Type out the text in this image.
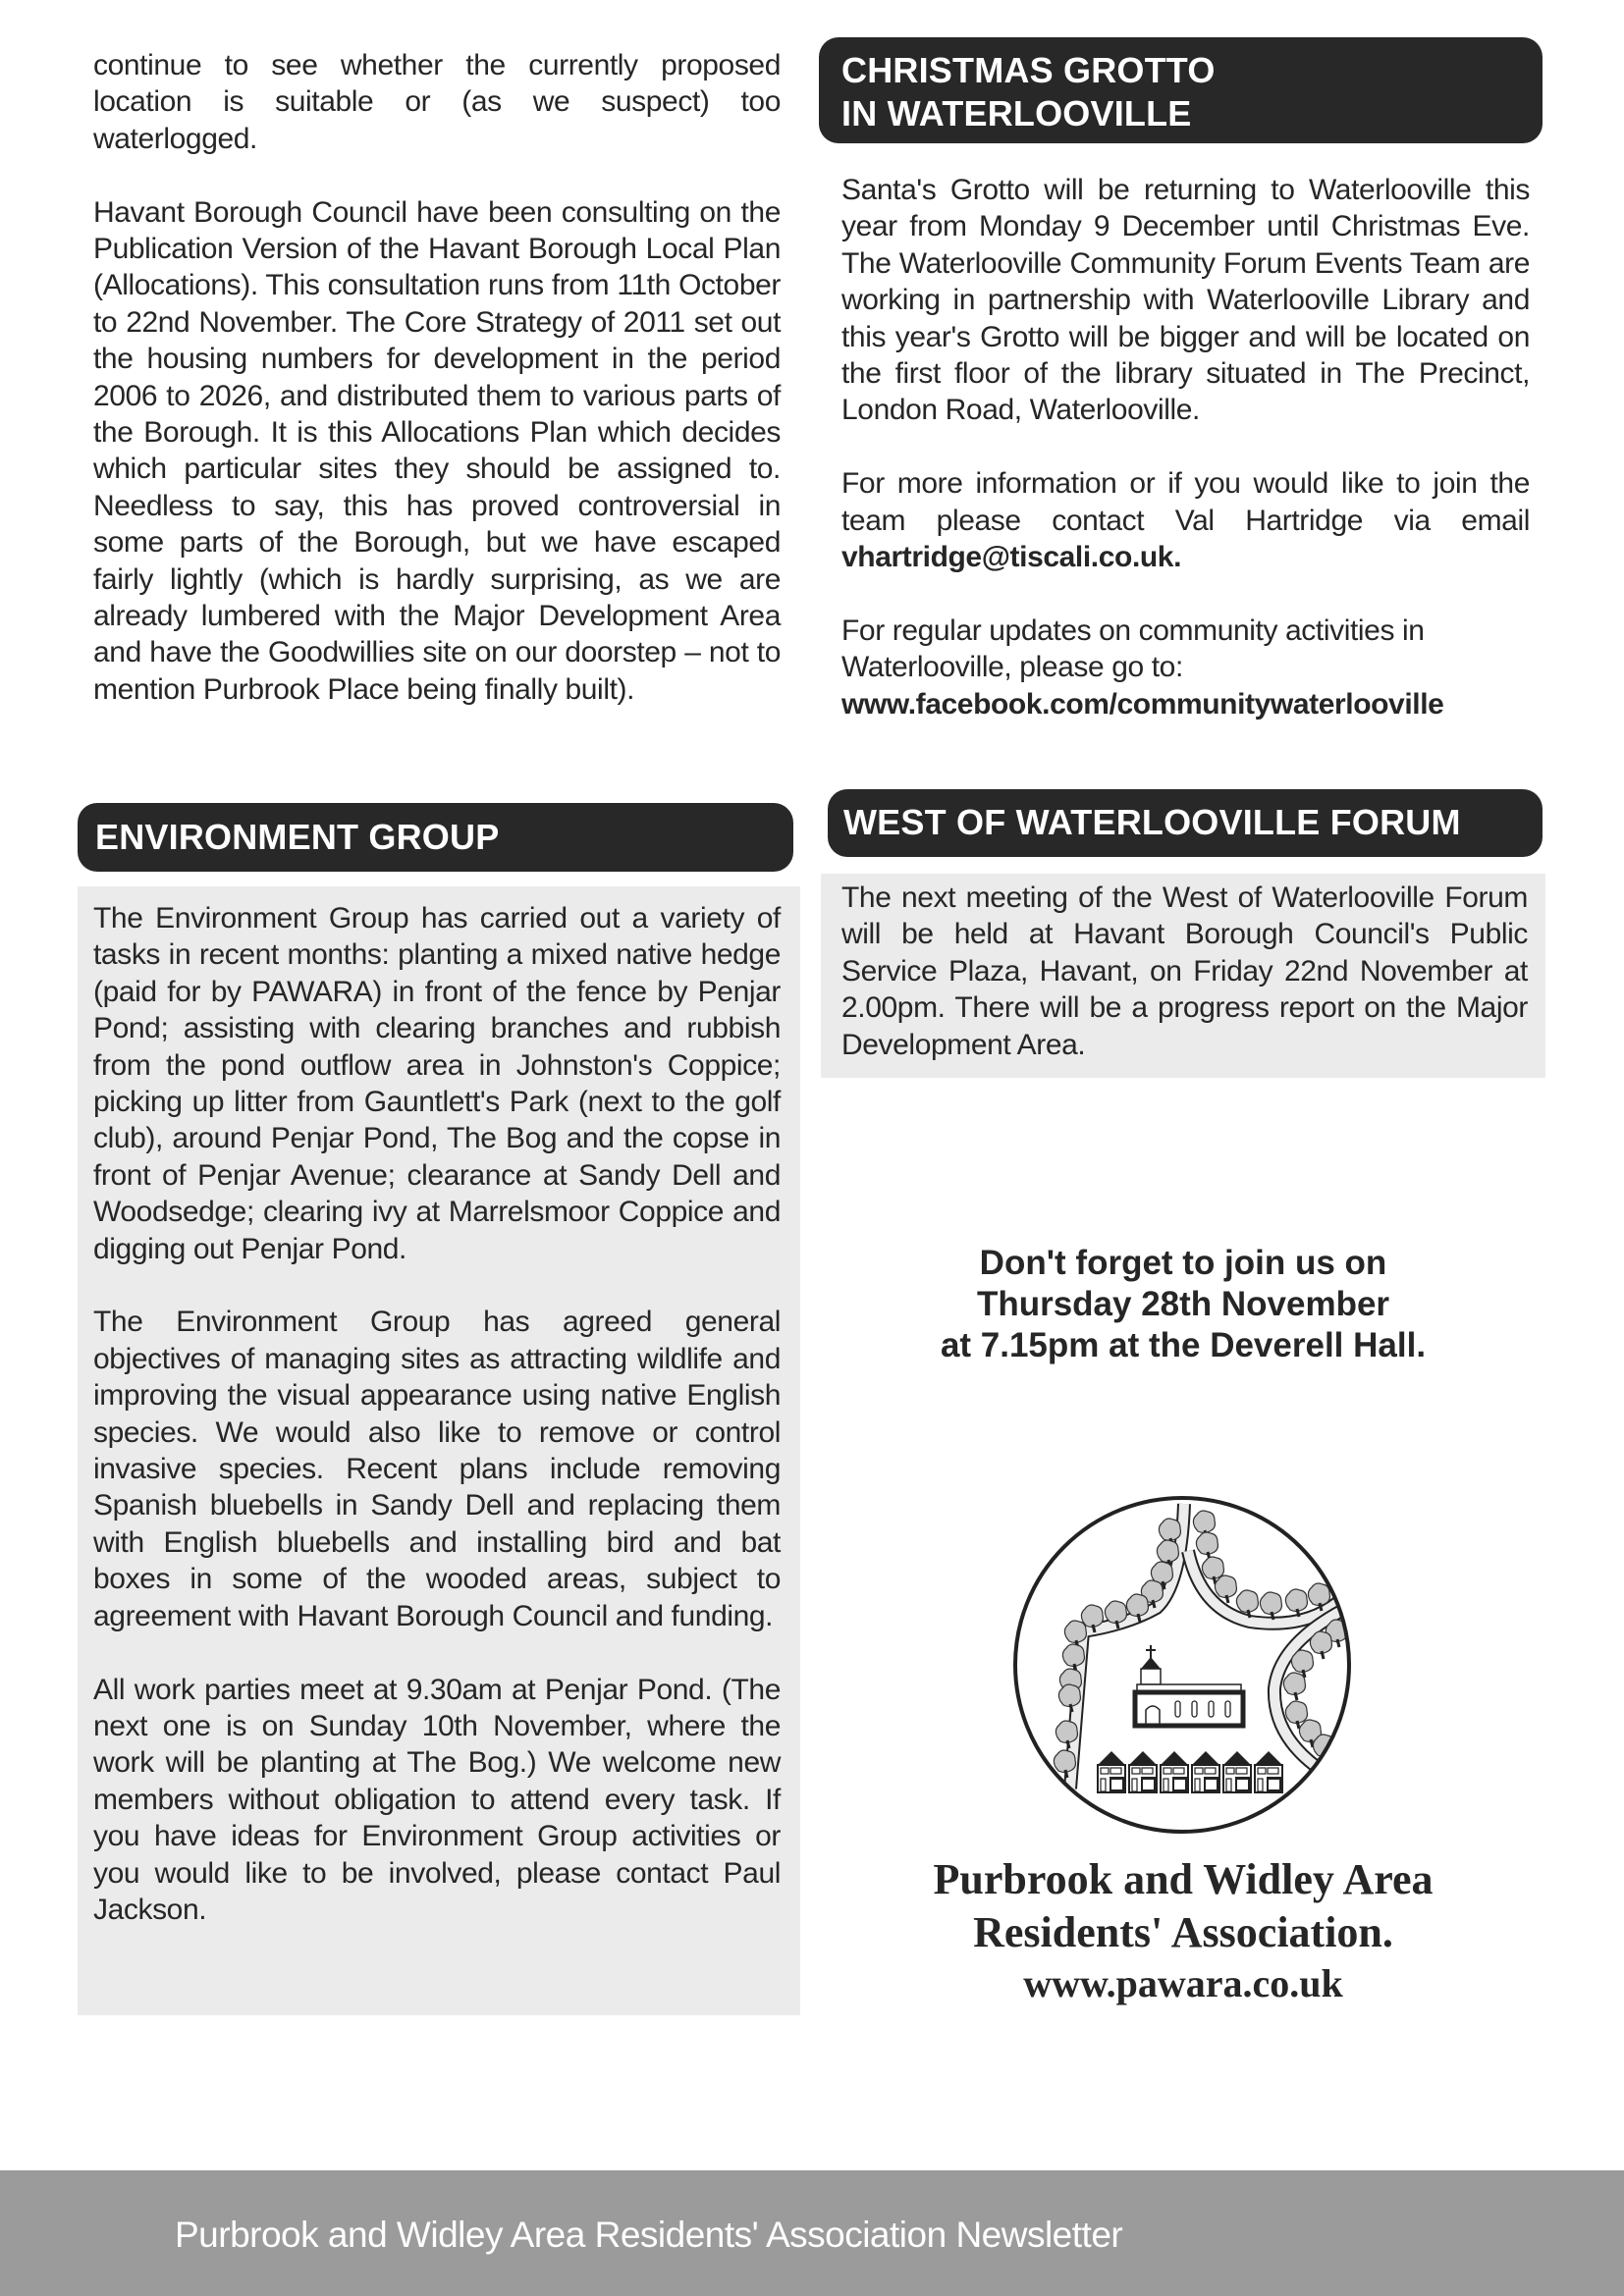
continue to see whether the currently proposed location is suitable or (as we suspect) too waterlogged.

Havant Borough Council have been consulting on the Publication Version of the Havant Borough Local Plan (Allocations). This consultation runs from 11th October to 22nd November. The Core Strategy of 2011 set out the housing numbers for development in the period 2006 to 2026, and distributed them to various parts of the Borough. It is this Allocations Plan which decides which particular sites they should be assigned to. Needless to say, this has proved controversial in some parts of the Borough, but we have escaped fairly lightly (which is hardly surprising, as we are already lumbered with the Major Development Area and have the Goodwillies site on our doorstep – not to mention Purbrook Place being finally built).

ENVIRONMENT GROUP

The Environment Group has carried out a variety of tasks in recent months: planting a mixed native hedge (paid for by PAWARA) in front of the fence by Penjar Pond; assisting with clearing branches and rubbish from the pond outflow area in Johnston's Coppice; picking up litter from Gauntlett's Park (next to the golf club), around Penjar Pond, The Bog and the copse in front of Penjar Avenue; clearance at Sandy Dell and Woodsedge; clearing ivy at Marrelsmoor Coppice and digging out Penjar Pond.

The Environment Group has agreed general objectives of managing sites as attracting wildlife and improving the visual appearance using native English species. We would also like to remove or control invasive species. Recent plans include removing Spanish bluebells in Sandy Dell and replacing them with English bluebells and installing bird and bat boxes in some of the wooded areas, subject to agreement with Havant Borough Council and funding.

All work parties meet at 9.30am at Penjar Pond. (The next one is on Sunday 10th November, where the work will be planting at The Bog.) We welcome new members without obligation to attend every task. If you have ideas for Environment Group activities or you would like to be involved, please contact Paul Jackson.

CHRISTMAS GROTTO
IN WATERLOOVILLE

Santa's Grotto will be returning to Waterlooville this year from Monday 9 December until Christmas Eve. The Waterlooville Community Forum Events Team are working in partnership with Waterlooville Library and this year's Grotto will be bigger and will be located on the first floor of the library situated in The Precinct, London Road, Waterlooville.

For more information or if you would like to join the team please contact Val Hartridge via email vhartridge@tiscali.co.uk.

For regular updates on community activities in Waterlooville, please go to:
www.facebook.com/communitywaterlooville

WEST OF WATERLOOVILLE FORUM

The next meeting of the West of Waterlooville Forum will be held at Havant Borough Council's Public Service Plaza, Havant, on Friday 22nd November at 2.00pm. There will be a progress report on the Major Development Area.

Don't forget to join us on
Thursday 28th November
at 7.15pm at the Deverell Hall.
Purbrook and Widley Area
Residents' Association.
www.pawara.co.uk
Purbrook and Widley Area Residents' Association Newsletter
